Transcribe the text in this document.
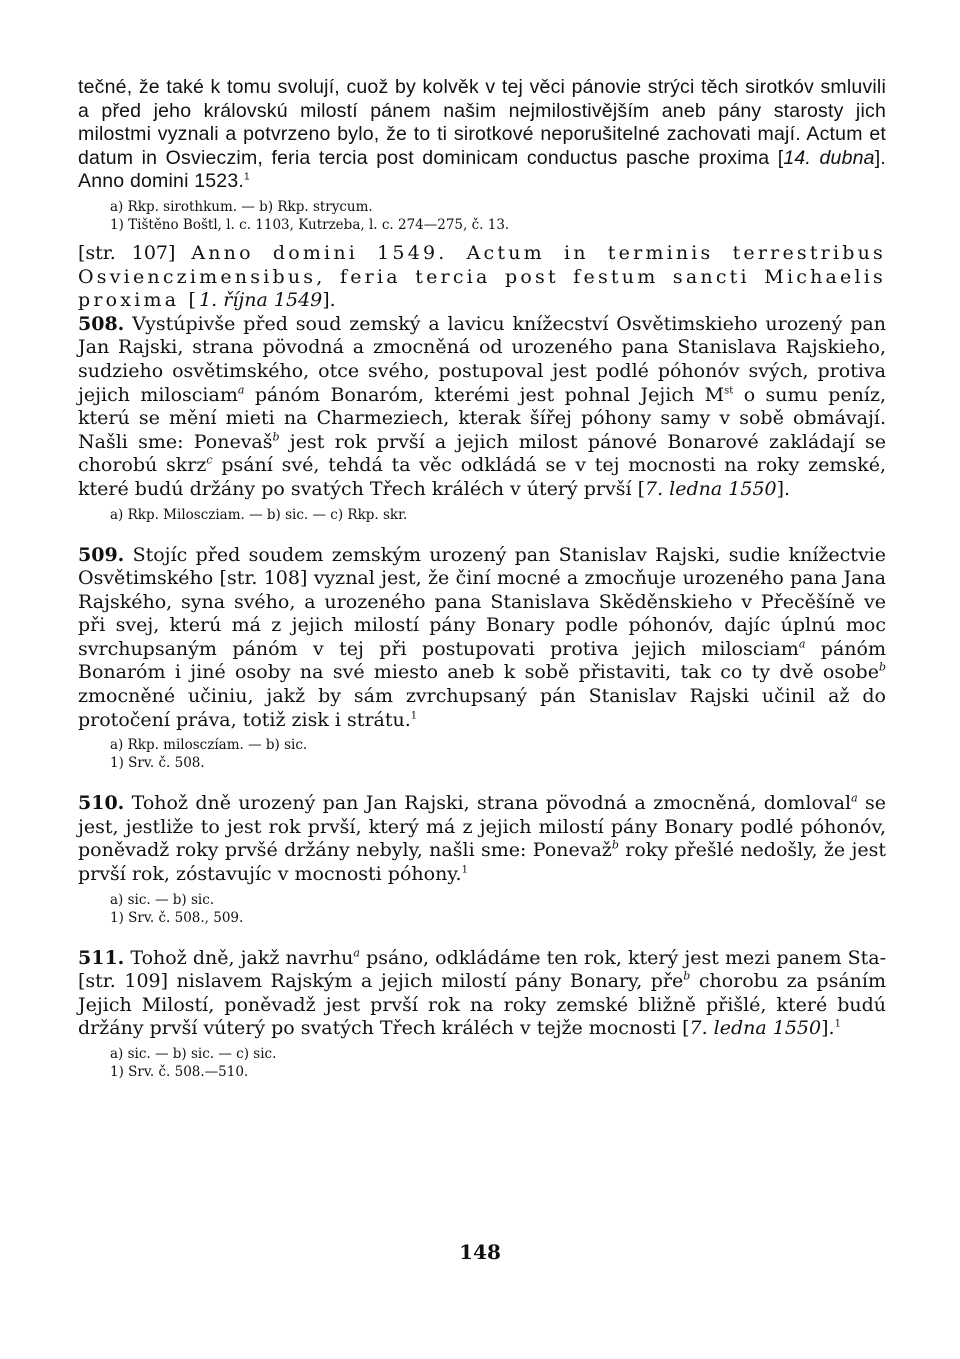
tečné, že také k tomu svolují, cuož by kolvěk v tej věci pánovie strýci těch sirotkóv smluvili a před jeho královskú milostí pánem našim nejmilostivějším aneb pány starosty jich milostmi vyznali a potvrzeno bylo, že to ti sirotkové neporušitelné zachovati mají. Actum et datum in Osvieczim, feria tercia post dominicam conductus pasche proxima [14. dubna]. Anno domini 1523.$^1$

a) Rkp. sirothkum. — b) Rkp. strycum.
1) Tištěno Boštl, l. c. 1103, Kutrzeba, l. c. 274—275, č. 13.

[str. 107] Anno domini 1549. Actum in terminis terrestribus Osvienczimensibus, feria tercia post festum sancti Michaelis proxima [1. října 1549].

508. Vystúpivše před soud zemský a lavicu knížecství Osvětimskieho urozený pan Jan Rajski, strana pövodná a zmocněná od urozeného pana Stanislava Rajskieho, sudzieho osvětimského, otce svého, postupoval jest podlé póhonóv svých, protiva jejich milosciam$^a$ pánóm Bonaróm, kterémi jest pohnal Jejich Mst o sumu peníz, kterú se mění mieti na Charmeziech, kterak šířej póhony samy v sobě obmávají. Našli sme: Ponevaš$^b$ jest rok prvší a jejich milost pánové Bonarové zakládají se chorobú skrz$^c$ psání své, tehdá ta věc odkládá se v tej mocnosti na roky zemské, které budú držány po svatých Třech králéch v úterý prvší [7. ledna 1550].

a) Rkp. Miloscziam. — b) sic. — c) Rkp. skr.

509. Stojíc před soudem zemským urozený pan Stanislav Rajski, sudie knížectvie Osvětimského [str. 108] vyznal jest, že činí mocné a zmocňuje urozeného pana Jana Rajského, syna svého, a urozeného pana Stanislava Skěděnskieho v Přecěšíně ve při svej, kterú má z jejich milostí pány Bonary podle póhonóv, dajíc úplnú moc svrchupsaným pánóm v tej při postupovati protiva jejich milosciam$^a$ pánóm Bonaróm i jiné osoby na své miesto aneb k sobě přistaviti, tak co ty dvě osobe$^b$ zmocněné učiniu, jakž by sám zvrchupsaný pán Stanislav Rajski učinil až do protočení práva, totiž zisk i strátu.$^1$

a) Rkp. milosczíam. — b) sic.
1) Srv. č. 508.

510. Tohož dně urozený pan Jan Rajski, strana pövodná a zmocněná, domloval$^a$ se jest, jestliže to jest rok prvší, který má z jejich milostí pány Bonary podlé póhonóv, poněvadž roky prvšé držány nebyly, našli sme: Ponevaž$^b$ roky přešlé nedošly, že jest prvší rok, zóstavujíc v mocnosti póhony.$^1$

a) sic. — b) sic.
1) Srv. č. 508., 509.

511. Tohož dně, jakž navrhu$^a$ psáno, odkládáme ten rok, který jest mezi panem Sta- [str. 109] nislavem Rajským a jejich milostí pány Bonary, pře$^b$ chorobu za psáním Jejich Milostí, poněvadž jest prvší rok na roky zemské bližně přišlé, které budú držány prvší vúterý po svatých Třech králéch v tejže mocnosti [7. ledna 1550].$^1$

a) sic. — b) sic. — c) sic.
1) Srv. č. 508.—510.
148
